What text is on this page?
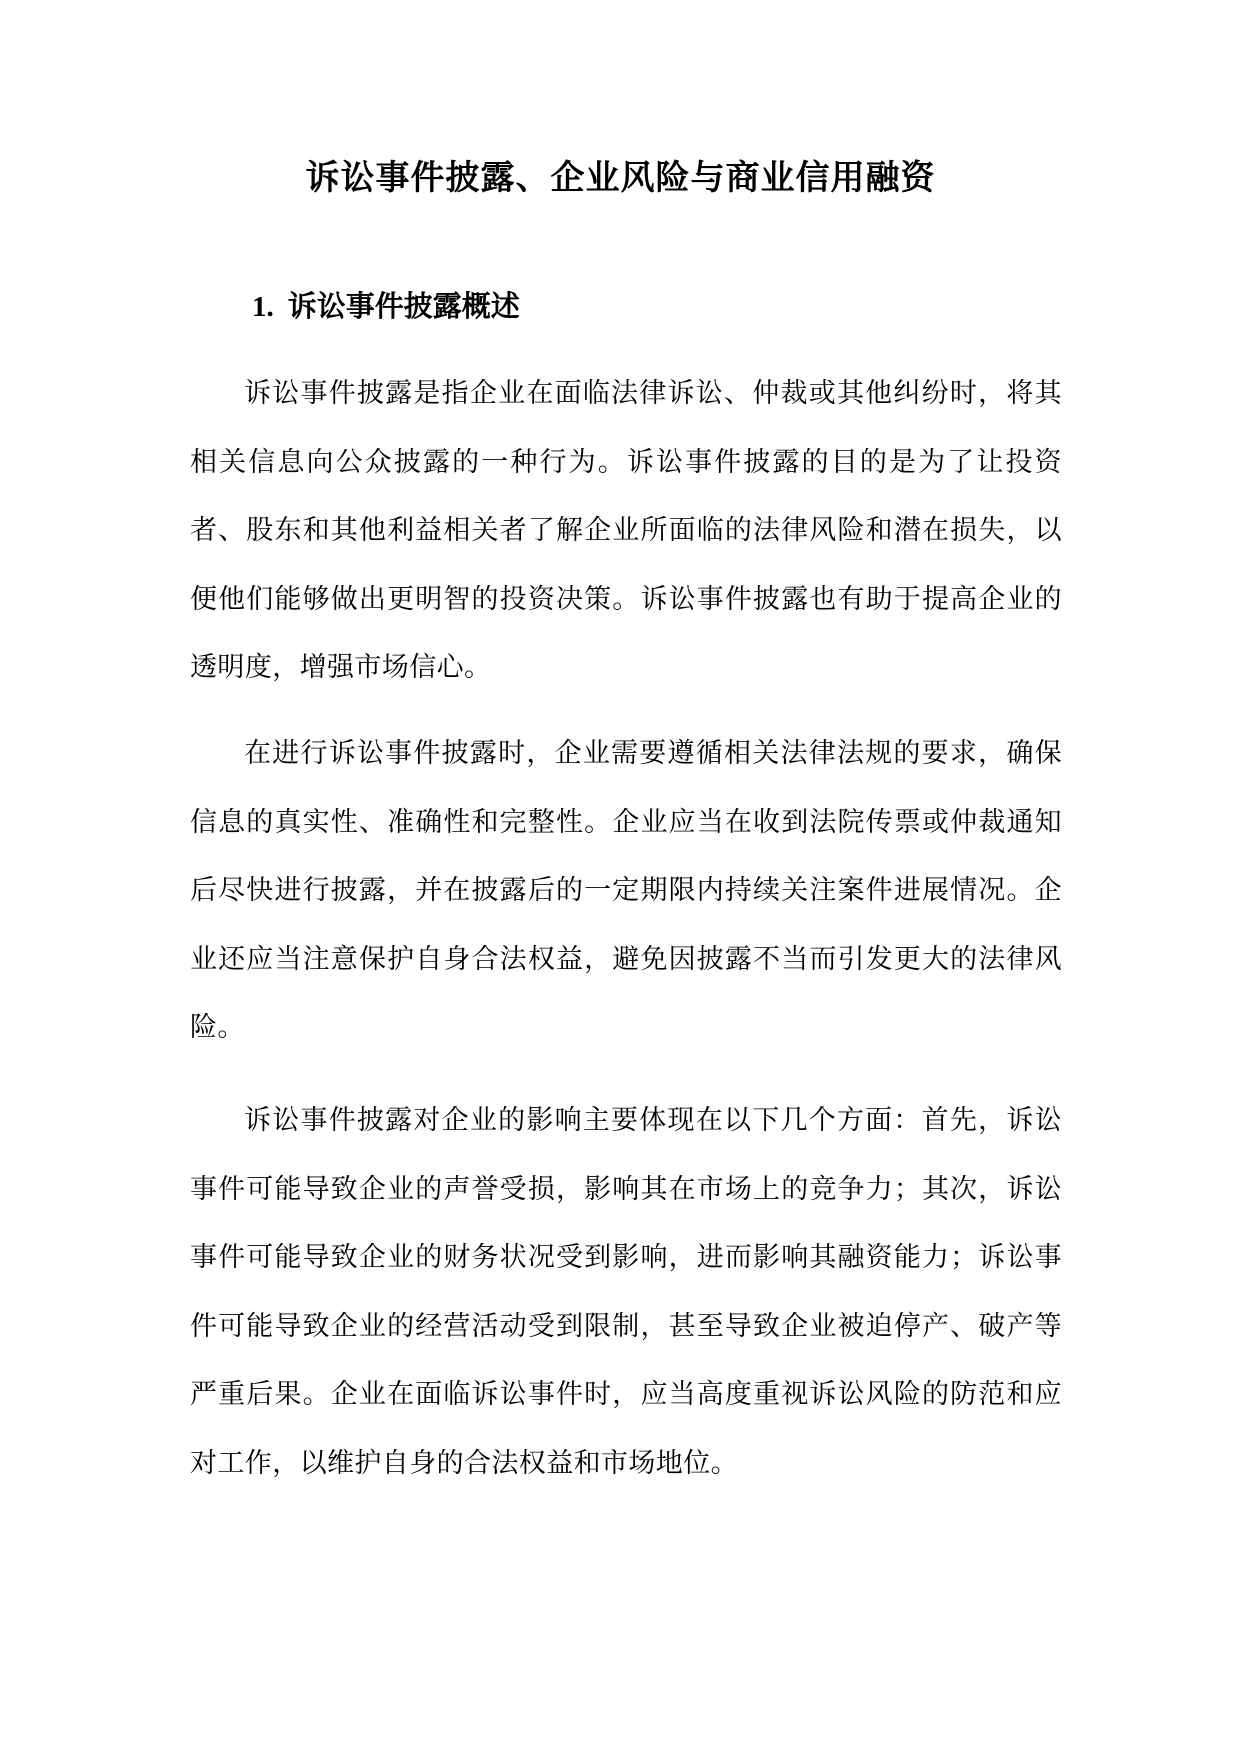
诉讼事件披露、企业风险与商业信用融资
1. 诉讼事件披露概述

诉讼事件披露是指企业在面临法律诉讼、仲裁或其他纠纷时，将其相关信息向公众披露的一种行为。诉讼事件披露的目的是为了让投资者、股东和其他利益相关者了解企业所面临的法律风险和潜在损失，以便他们能够做出更明智的投资决策。诉讼事件披露也有助于提高企业的透明度，增强市场信心。

在进行诉讼事件披露时，企业需要遵循相关法律法规的要求，确保信息的真实性、准确性和完整性。企业应当在收到法院传票或仲裁通知后尽快进行披露，并在披露后的一定期限内持续关注案件进展情况。企业还应当注意保护自身合法权益，避免因披露不当而引发更大的法律风险。

诉讼事件披露对企业的影响主要体现在以下几个方面：首先，诉讼事件可能导致企业的声誉受损，影响其在市场上的竞争力；其次，诉讼事件可能导致企业的财务状况受到影响，进而影响其融资能力；诉讼事件可能导致企业的经营活动受到限制，甚至导致企业被迫停产、破产等严重后果。企业在面临诉讼事件时，应当高度重视诉讼风险的防范和应对工作，以维护自身的合法权益和市场地位。
